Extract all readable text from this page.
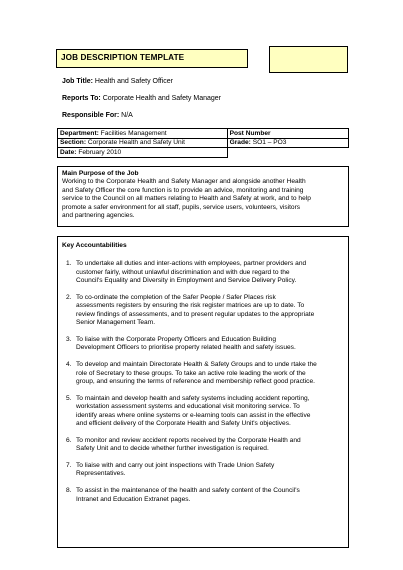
JOB DESCRIPTION TEMPLATE
Job Title: Health and Safety Officer
Reports To: Corporate Health and Safety Manager
Responsible For: N/A
Department: Facilities Management	Post Number
Section: Corporate Health and Safety Unit	Grade: SO1 – PO3
Date: February 2010	
Main Purpose of the Job
Working to the Corporate Health and Safety Manager and alongside another Health
and Safety Officer the core function is to provide an advice, monitoring and training
service to the Council on all matters relating to Health and Safety at work, and to help
promote a safer environment for all staff, pupils, service users, volunteers, visitors
and partnering agencies.
Key Accountabilities
1. To undertake all duties and inter-actions with employees, partner providers and
customer fairly, without unlawful discrimination and with due regard to the
Council's Equality and Diversity in Employment and Service Delivery Policy.
2. To co-ordinate the completion of the Safer People / Safer Places risk
assessments registers by ensuring the risk register matrices are up to date. To
review findings of assessments, and to present regular updates to the appropriate
Senior Management Team.
3. To liaise with the Corporate Property Officers and Education Building
Development Officers to prioritise property related health and safety issues.
4. To develop and maintain Directorate Health & Safety Groups and to unde rtake the
role of Secretary to these groups. To take an active role leading the work of the
group, and ensuring the terms of reference and membership reflect good practice.
5. To maintain and develop health and safety systems including accident reporting,
workstation assessment systems and educational visit monitoring service. To
identify areas where online systems or e-learning tools can assist in the effective
and efficient delivery of the Corporate Health and Safety Unit's objectives.
6. To monitor and review accident reports received by the Corporate Health and
Safety Unit and to decide whether further investigation is required.
7. To liaise with and carry out joint inspections with Trade Union Safety
Representatives.
8. To assist in the maintenance of the health and safety content of the Council's
Intranet and Education Extranet pages.
